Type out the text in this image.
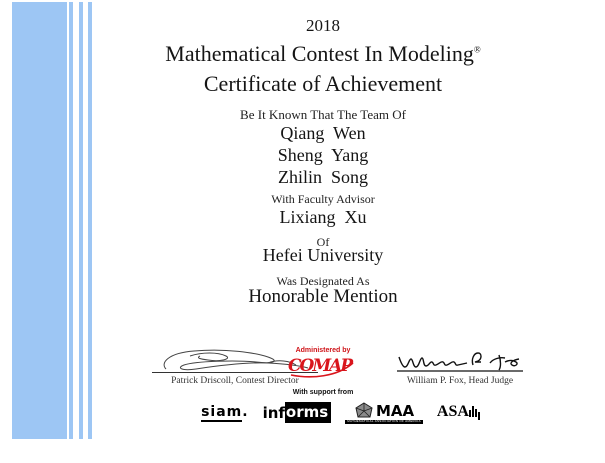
2018
Mathematical Contest In Modeling®
Certificate of Achievement
Be It Known That The Team Of
Qiang  Wen
Sheng  Yang
Zhilin  Song
With Faculty Advisor
Lixiang  Xu
Of
Hefei University
Was Designated As
Honorable Mention
Patrick Driscoll, Contest Director
Administered by
COMAP
With support from
William P. Fox, Head Judge
siam. inf orms	MAA
MATHEMATICAL ASSOCIATION OF AMERICA
ASA
